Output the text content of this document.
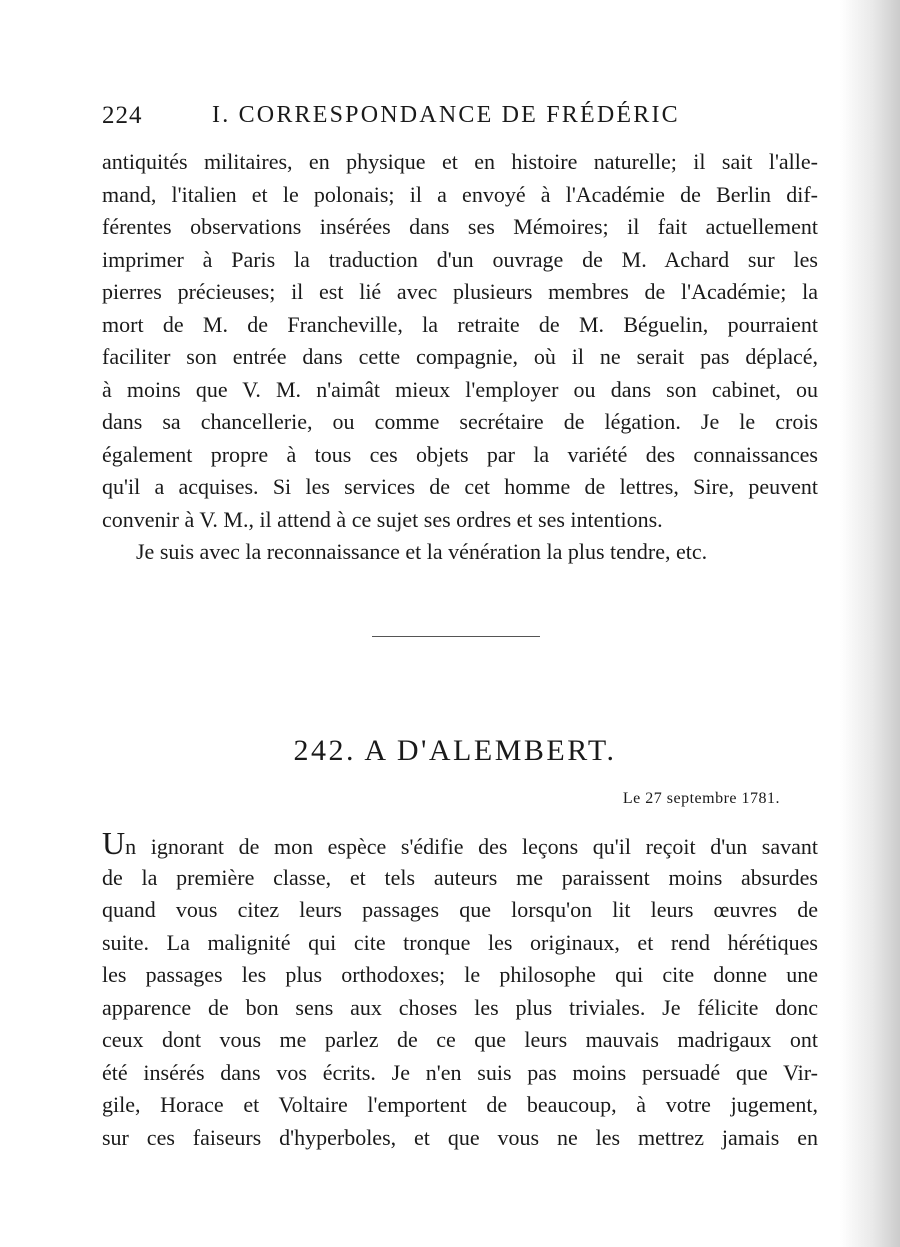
224	I. CORRESPONDANCE DE FRÉDÉRIC
antiquités militaires, en physique et en histoire naturelle; il sait l'alle-
mand, l'italien et le polonais; il a envoyé à l'Académie de Berlin dif-
férentes observations insérées dans ses Mémoires; il fait actuellement
imprimer à Paris la traduction d'un ouvrage de M. Achard sur les
pierres précieuses; il est lié avec plusieurs membres de l'Académie; la
mort de M. de Francheville, la retraite de M. Béguelin, pourraient
faciliter son entrée dans cette compagnie, où il ne serait pas déplacé,
à moins que V. M. n'aimât mieux l'employer ou dans son cabinet, ou
dans sa chancellerie, ou comme secrétaire de légation. Je le crois
également propre à tous ces objets par la variété des connaissances
qu'il a acquises. Si les services de cet homme de lettres, Sire, peuvent
convenir à V. M., il attend à ce sujet ses ordres et ses intentions.
Je suis avec la reconnaissance et la vénération la plus tendre, etc.
242. A D'ALEMBERT.
Le 27 septembre 1781.
Un ignorant de mon espèce s'édifie des leçons qu'il reçoit d'un savant
de la première classe, et tels auteurs me paraissent moins absurdes
quand vous citez leurs passages que lorsqu'on lit leurs œuvres de
suite. La malignité qui cite tronque les originaux, et rend hérétiques
les passages les plus orthodoxes; le philosophe qui cite donne une
apparence de bon sens aux choses les plus triviales. Je félicite donc
ceux dont vous me parlez de ce que leurs mauvais madrigaux ont
été insérés dans vos écrits. Je n'en suis pas moins persuadé que Vir-
gile, Horace et Voltaire l'emportent de beaucoup, à votre jugement,
sur ces faiseurs d'hyperboles, et que vous ne les mettrez jamais en
